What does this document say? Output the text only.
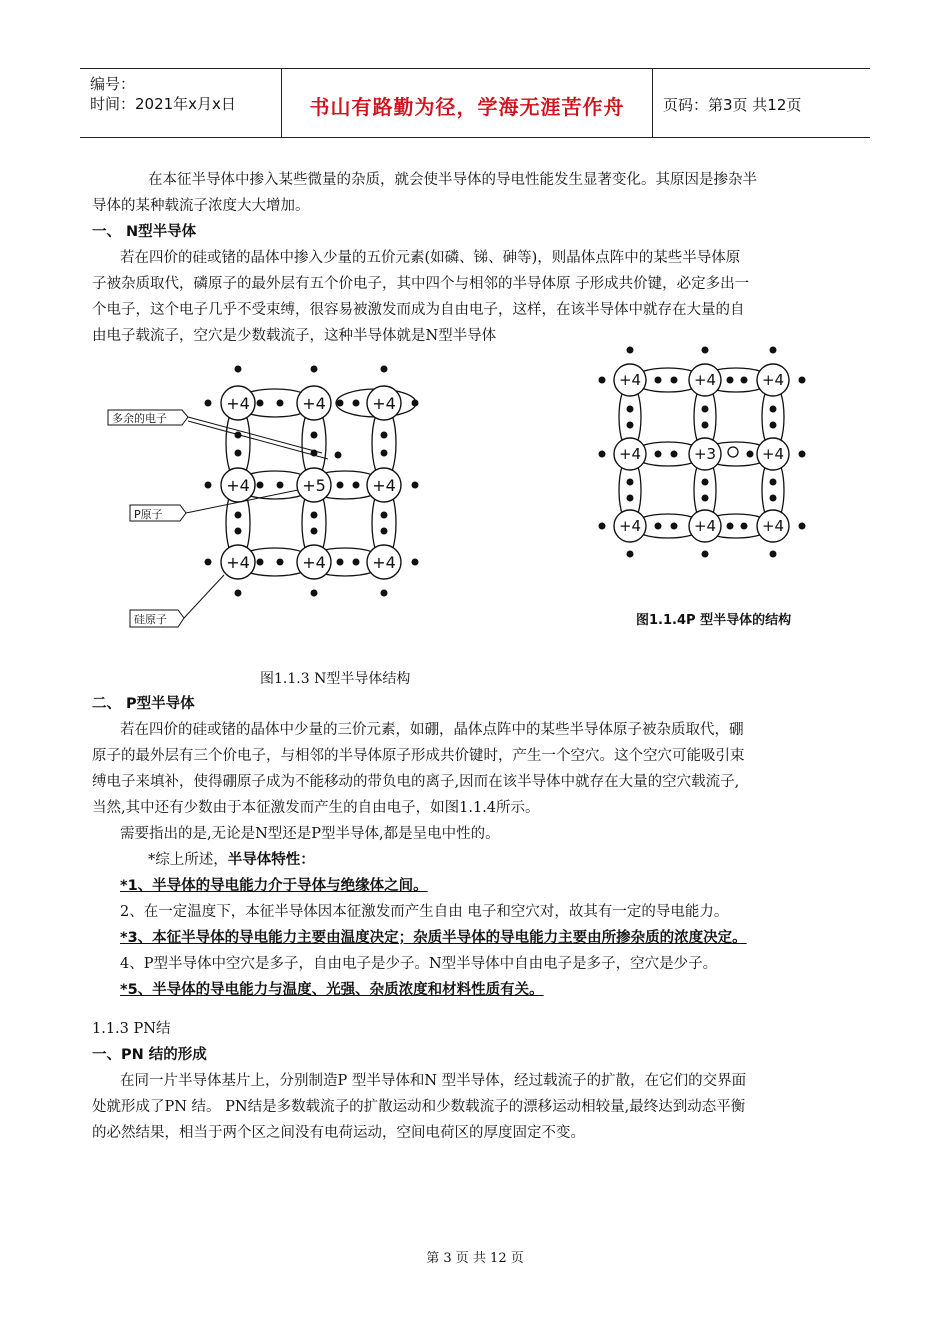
编号：
时间：2021年x月x日	书山有路勤为径，学海无涯苦作舟	页码：第3页 共12页
在本征半导体中掺入某些微量的杂质，就会使半导体的导电性能发生显著变化。其原因是掺杂半
导体的某种载流子浓度大大增加。
一、 N型半导体
若在四价的硅或锗的晶体中掺入少量的五价元素(如磷、锑、砷等)，则晶体点阵中的某些半导体原
子被杂质取代，磷原子的最外层有五个价电子，其中四个与相邻的半导体原 子形成共价键，必定多出一
个电子，这个电子几乎不受束缚，很容易被激发而成为自由电子，这样，在该半导体中就存在大量的自
由电子载流子，空穴是少数载流子，这种半导体就是N型半导体
+4	+4	+4
+4	+5	+4
+4	+4	+4
多余的电子
P原子
硅原子
+4	+4	+4
+4	+3	+4
+4	+4	+4
图1.1.4P 型半导体的结构
图1.1.3 N型半导体结构
二、 P型半导体
若在四价的硅或锗的晶体中少量的三价元素，如硼，晶体点阵中的某些半导体原子被杂质取代，硼
原子的最外层有三个价电子，与相邻的半导体原子形成共价键时，产生一个空穴。这个空穴可能吸引束
缚电子来填补，使得硼原子成为不能移动的带负电的离子,因而在该半导体中就存在大量的空穴载流子,
当然,其中还有少数由于本征激发而产生的自由电子，如图1.1.4所示。
需要指出的是,无论是N型还是P型半导体,都是呈电中性的。
*综上所述，半导体特性：
*1、半导体的导电能力介于导体与绝缘体之间。
2、在一定温度下，本征半导体因本征激发而产生自由 电子和空穴对，故其有一定的导电能力。
*3、本征半导体的导电能力主要由温度决定；杂质半导体的导电能力主要由所掺杂质的浓度决定。
4、P型半导体中空穴是多子，自由电子是少子。N型半导体中自由电子是多子，空穴是少子。
*5、半导体的导电能力与温度、光强、杂质浓度和材料性质有关。
1.1.3 PN结
一、PN 结的形成
在同一片半导体基片上，分别制造P 型半导体和N 型半导体，经过载流子的扩散，在它们的交界面
处就形成了PN 结。 PN结是多数载流子的扩散运动和少数载流子的漂移运动相较量,最终达到动态平衡
的必然结果，相当于两个区之间没有电荷运动，空间电荷区的厚度固定不变。
第 3 页 共 12 页
